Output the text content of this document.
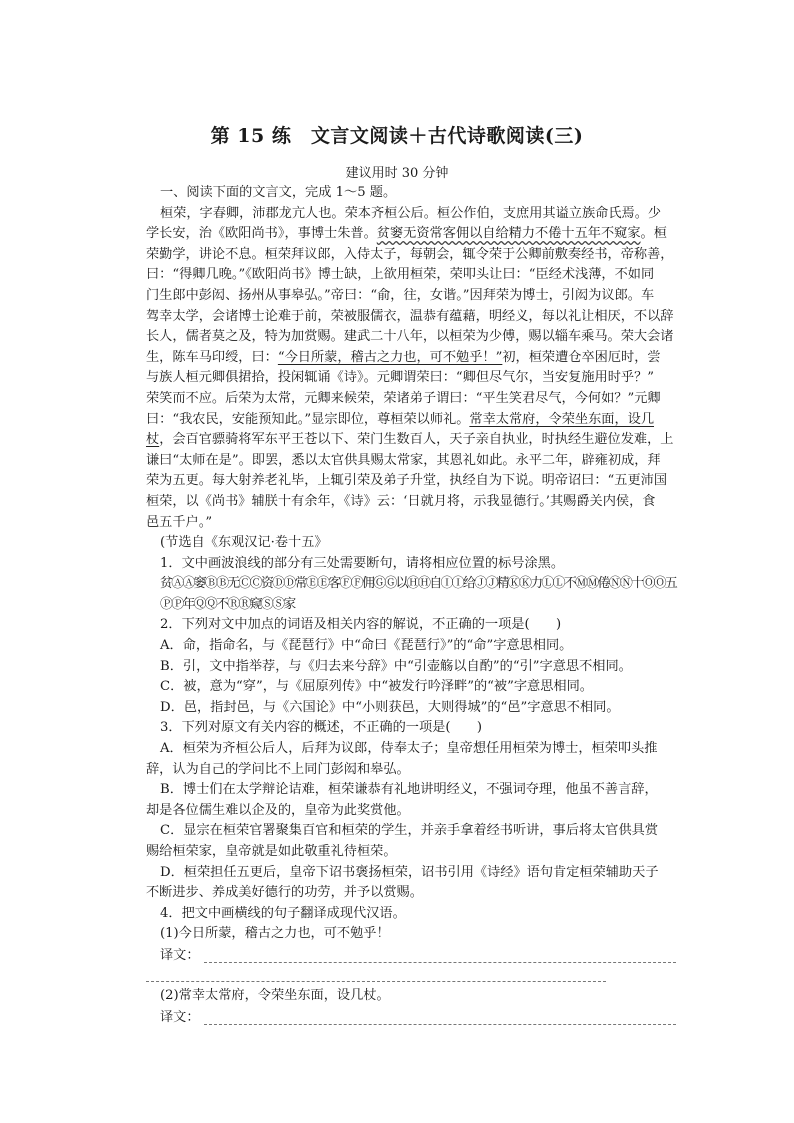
第 15 练　文言文阅读＋古代诗歌阅读(三)
建议用时 30 分钟

一、阅读下面的文言文，完成 1～5 题。

桓荣，字春卿，沛郡龙亢人也。荣本齐桓公后。桓公作伯，支庶用其谥立族命氏焉。少

学长安，治《欧阳尚书》，事博士朱普。贫窭无资常客佣以自给精力不倦十五年不窥家。桓

荣勤学，讲论不息。桓荣拜议郎，入侍太子，每朝会，辄令荣于公卿前敷奏经书，帝称善，

曰：“得卿几晚。”《欧阳尚书》博士缺，上欲用桓荣，荣叩头让曰：“臣经术浅薄，不如同

门生郎中彭闳、扬州从事皋弘。”帝曰：“俞，往，女谐。”因拜荣为博士，引闳为议郎。车

驾幸太学，会诸博士论难于前，荣被服儒衣，温恭有蕴藉，明经义，每以礼让相厌，不以辞

长人，儒者莫之及，特为加赏赐。建武二十八年，以桓荣为少傅，赐以辎车乘马。荣大会诸

生，陈车马印绶，曰：“今日所蒙，稽古之力也，可不勉乎！”初，桓荣遭仓卒困厄时，尝

与族人桓元卿俱捃拾，投闲辄诵《诗》。元卿谓荣曰：“卿但尽气尔，当安复施用时乎？”

荣笑而不应。后荣为太常，元卿来候荣，荣诸弟子谓曰：“平生笑君尽气，今何如？”元卿

曰：“我农民，安能预知此。”显宗即位，尊桓荣以师礼。常幸太常府，令荣坐东面，设几

杖，会百官骠骑将军东平王苍以下、荣门生数百人，天子亲自执业，时执经生避位发难，上

谦曰“太师在是”。即罢，悉以太官供具赐太常家，其恩礼如此。永平二年，辟雍初成，拜

荣为五更。每大射养老礼毕，上辄引荣及弟子升堂，执经自为下说。明帝诏曰：“五更沛国

桓荣，以《尚书》辅朕十有余年，《诗》云：‘日就月将，示我显德行。’其赐爵关内侯，食

邑五千户。”

(节选自《东观汉记·卷十五》

1．文中画波浪线的部分有三处需要断句，请将相应位置的标号涂黑。

贫ⒶⒶ窭ⒷⒷ无ⒸⒸ资ⒹⒹ常ⒺⒺ客ⒻⒻ佣ⒼⒼ以ⒽⒽ自ⒾⒾ给ⒿⒿ精ⓀⓀ力ⓁⓁ不ⓂⓂ倦ⓃⓃ十ⓄⓄ五ⓅⓅ年ⓆⓆ不ⓇⓇ窥ⓈⓈ家

2．下列对文中加点的词语及相关内容的解说，不正确的一项是(　　)

A．命，指命名，与《琵琶行》中“命曰《琵琶行》”的“命”字意思相同。

B．引，文中指举荐，与《归去来兮辞》中“引壶觞以自酌”的“引”字意思不相同。

C．被，意为“穿”，与《屈原列传》中“被发行吟泽畔”的“被”字意思相同。

D．邑，指封邑，与《六国论》中“小则获邑，大则得城”的“邑”字意思不相同。

3．下列对原文有关内容的概述，不正确的一项是(　　)

A．桓荣为齐桓公后人，后拜为议郎，侍奉太子；皇帝想任用桓荣为博士，桓荣叩头推

辞，认为自己的学问比不上同门彭闳和皋弘。

B．博士们在太学辩论诘难，桓荣谦恭有礼地讲明经义，不强词夺理，他虽不善言辞，

却是各位儒生难以企及的，皇帝为此奖赏他。

C．显宗在桓荣官署聚集百官和桓荣的学生，并亲手拿着经书听讲，事后将太官供具赏

赐给桓荣家，皇帝就是如此敬重礼待桓荣。

D．桓荣担任五更后，皇帝下诏书褒扬桓荣，诏书引用《诗经》语句肯定桓荣辅助天子

不断进步、养成美好德行的功劳，并予以赏赐。

4．把文中画横线的句子翻译成现代汉语。

(1)今日所蒙，稽古之力也，可不勉乎！

译文：

(2)常幸太常府，令荣坐东面，设几杖。

译文：
